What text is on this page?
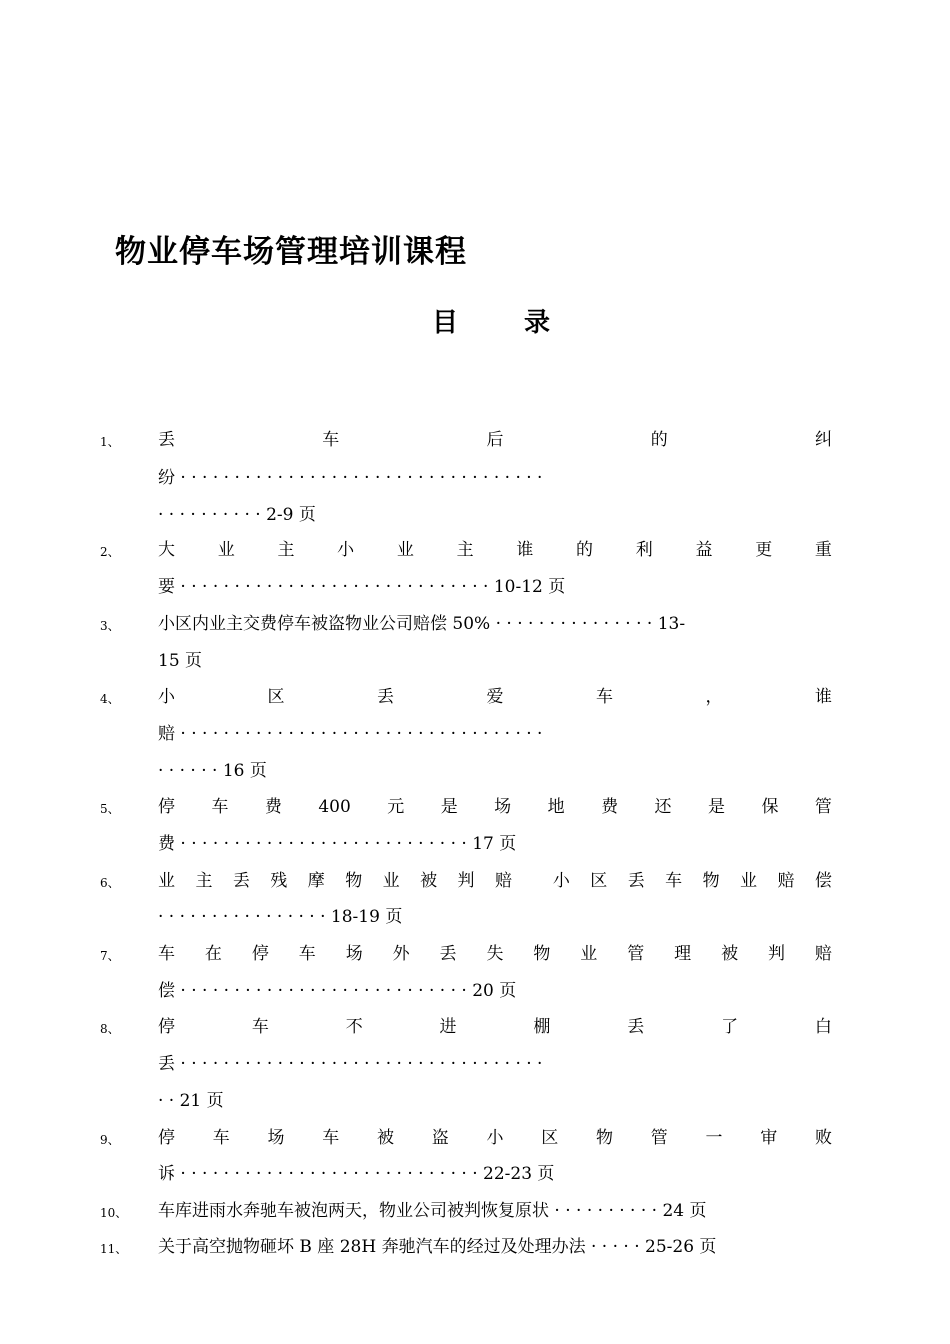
物业停车场管理培训课程
目	录
1、 丢	车	后	的	纠
纷 · · · · · · · · · · · · · · · · · · · · · · · · · · · · · · · · · ·
· · · · · · · · · · 2-9 页
2、 大	业	主	小	业	主	谁	的	利	益	更	重
要 · · · · · · · · · · · · · · · · · · · · · · · · · · · · · 10-12 页
3、 小区内业主交费停车被盗物业公司赔偿 50% · · · · · · · · · · · · · · · 13-
15 页
4、 小	区	丢	爱	车	，	谁
赔 · · · · · · · · · · · · · · · · · · · · · · · · · · · · · · · · · ·
· · · · · · 16 页
5、 停 车 费 400 元 是 场 地 费 还 是 保 管
费 · · · · · · · · · · · · · · · · · · · · · · · · · · · 17 页
6、 业 主 丢 残 摩 物 业 被 判 赔 小 区 丢 车 物 业 赔 偿
· · · · · · · · · · · · · · · · 18-19 页
7、 车 在 停 车 场 外 丢 失 物 业 管 理 被 判 赔
偿 · · · · · · · · · · · · · · · · · · · · · · · · · · · 20 页
8、 停	车	不	进	棚	丢	了	白
丢 · · · · · · · · · · · · · · · · · · · · · · · · · · · · · · · · · ·
· · 21 页
9、 停 车 场 车 被 盗 小 区 物 管 一 审 败
诉 · · · · · · · · · · · · · · · · · · · · · · · · · · · · 22-23 页
10、 车库进雨水奔驰车被泡两天，物业公司被判恢复原状 · · · · · · · · · · 24 页
11、 关于高空抛物砸坏 B 座 28H 奔驰汽车的经过及处理办法 · · · · · 25-26 页
